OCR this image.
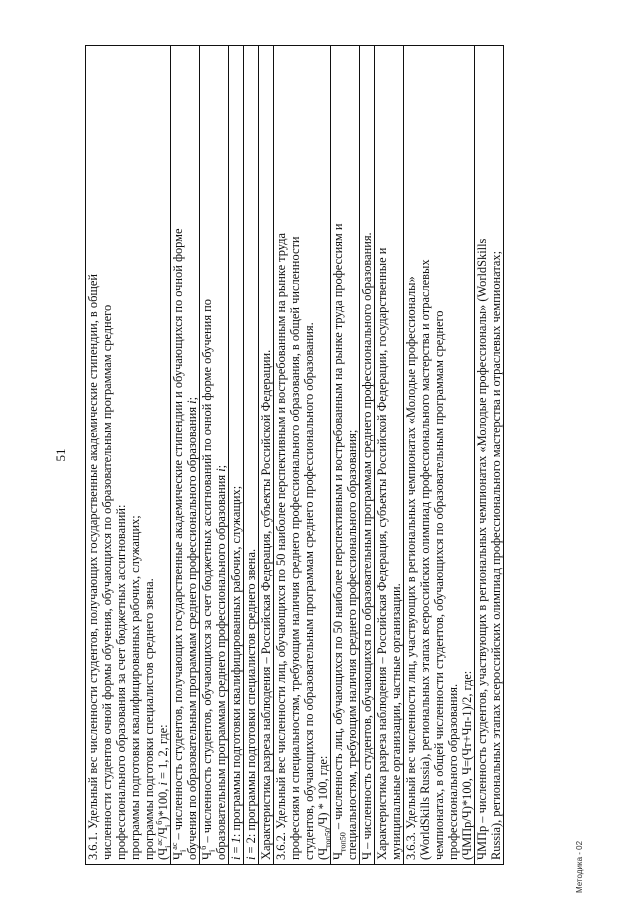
51
Методика - 02
3.6.1. Удельный вес численности студентов, получающих государственные академические стипендии, в общей численности студентов очной формы обучения, обучающихся по образовательным программам среднего профессионального образования за счет бюджетных ассигнований: программы подготовки квалифицированных рабочих, служащих; программы подготовки специалистов среднего звена. $(Ч_i^{ас}/Ч_i^б)*100$, i = 1, 2, где:

$Ч_i^{ас}$ – численность студентов, получающих государственные академические стипендии и обучающихся по очной форме обучения по образовательным программам среднего профессионального образования i;

$Ч_i^б$ – численность студентов, обучающихся за счет бюджетных ассигнований по очной форме обучения по образовательным программам среднего профессионального образования i;

i = 1: программы подготовки квалифицированных рабочих, служащих;

i = 2: программы подготовки специалистов среднего звена.

Характеристика разреза наблюдения – Российская Федерация, субъекты Российской Федерации.

3.6.2. Удельный вес численности лиц, обучающихся по 50 наиболее перспективным и востребованным на рынке труда профессиям и специальностям, требующим наличия среднего профессионального образования, в общей численности студентов, обучающихся по образовательным программам среднего профессионального образования. $(Ч_{топ50}/Ч) * 100$, где:

$Ч_{топ50}$ – численность лиц, обучающихся по 50 наиболее перспективным и востребованным на рынке труда профессиям и специальностям, требующим наличия среднего профессионального образования;

Ч – численность студентов, обучающихся по образовательным программам среднего профессионального образования.

Характеристика разреза наблюдения – Российская Федерация, субъекты Российской Федерации, государственные и муниципальные организации, частные организации.

3.6.3. Удельный вес численности лиц, участвующих в региональных чемпионатах «Молодые профессионалы» (WorldSkills Russia), региональных этапах всероссийских олимпиад профессионального мастерства и отраслевых чемпионатах, в общей численности студентов, обучающихся по образовательным программам среднего профессионального образования. (ЧМПр/Ч)*100, Ч=(Чт+Чп-1)/2, где:

ЧМПр – численность студентов, участвующих в региональных чемпионатах «Молодые профессионалы» (WorldSkills Russia), региональных этапах всероссийских олимпиад профессионального мастерства и отраслевых чемпионатах;
